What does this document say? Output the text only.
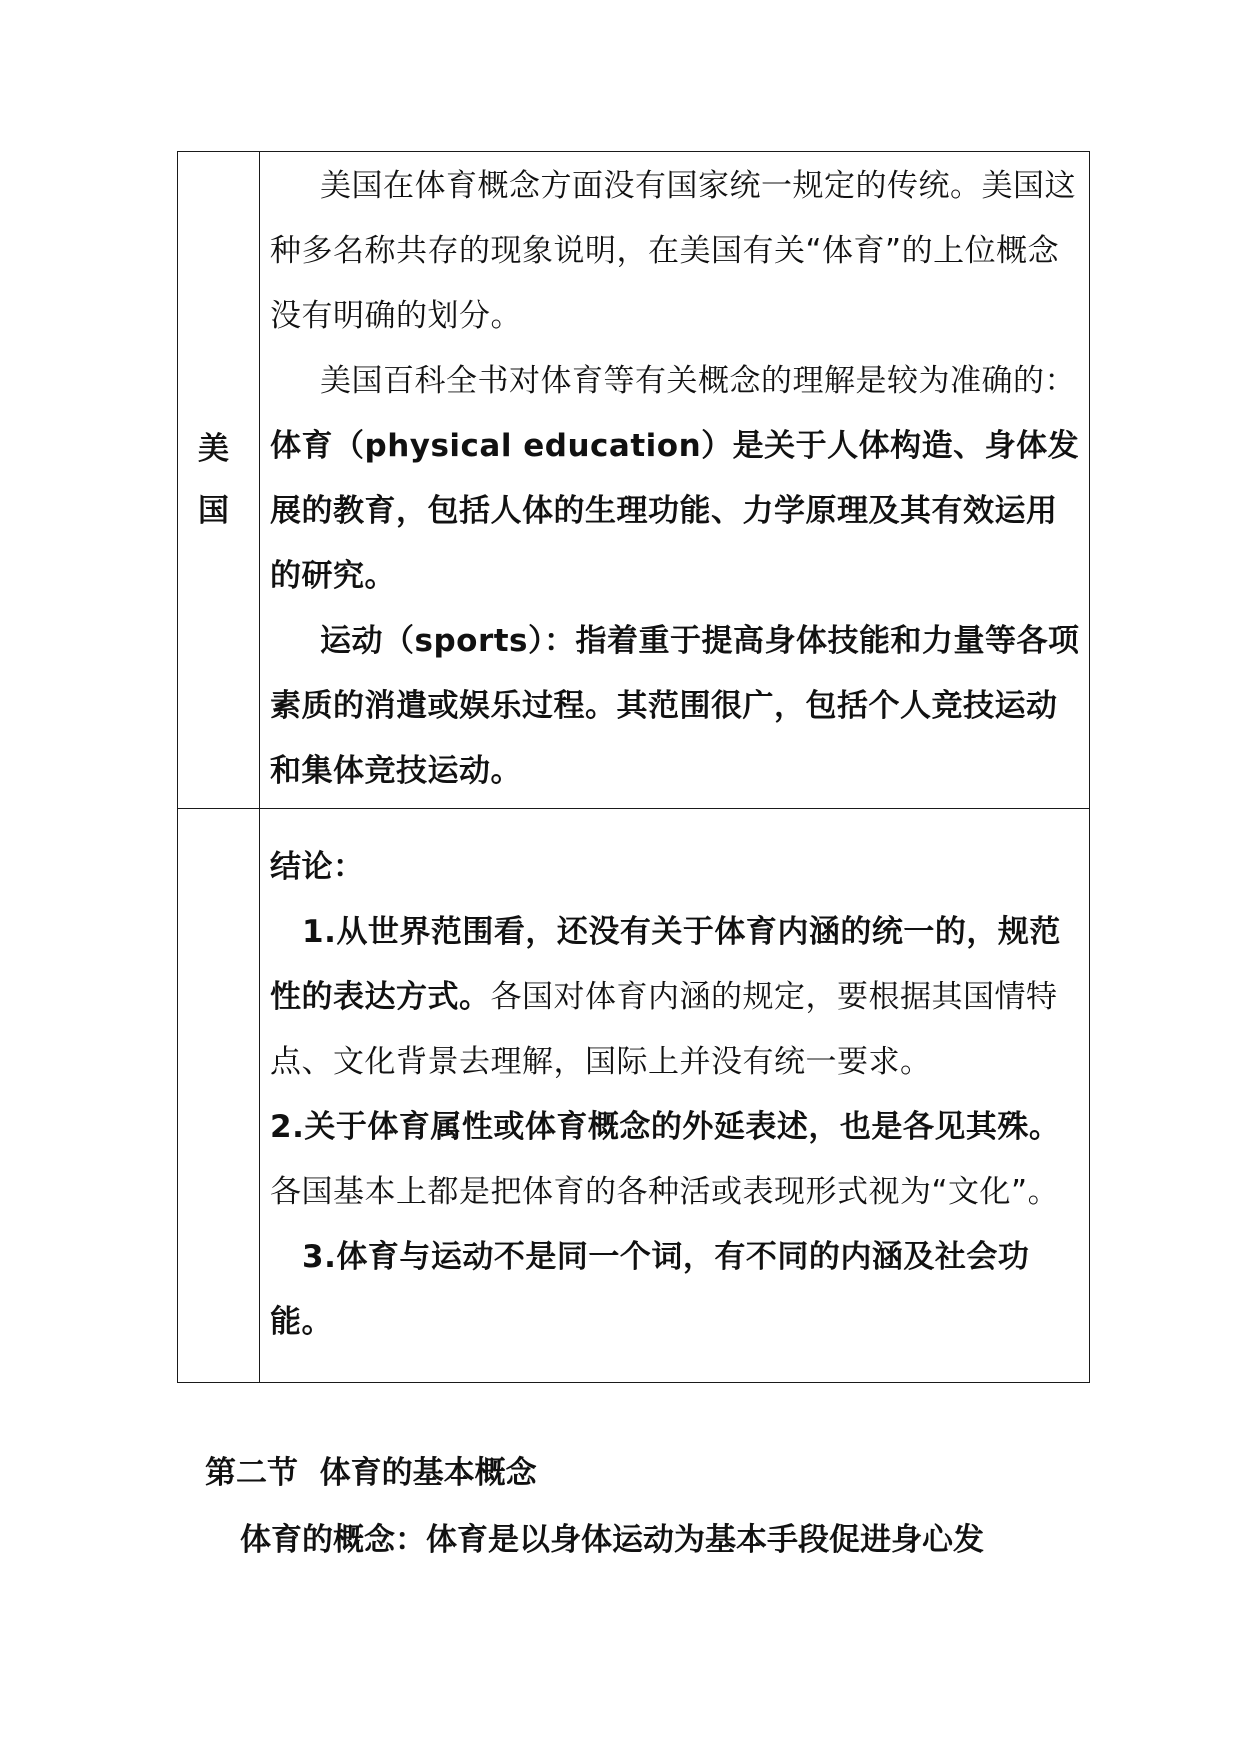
美国	美国在体育概念方面没有国家统一规定的传统。美国这种多名称共存的现象说明，在美国有关“体育”的上位概念没有明确的划分。

美国百科全书对体育等有关概念的理解是较为准确的：体育（physical education）是关于人体构造、身体发展的教育，包括人体的生理功能、力学原理及其有效运用的研究。

运动（sports）：指着重于提高身体技能和力量等各项素质的消遣或娱乐过程。其范围很广，包括个人竞技运动和集体竞技运动。

	结论：

1.从世界范围看，还没有关于体育内涵的统一的，规范性的表达方式。各国对体育内涵的规定，要根据其国情特点、文化背景去理解，国际上并没有统一要求。

2.关于体育属性或体育概念的外延表述，也是各见其殊。各国基本上都是把体育的各种活或表现形式视为“文化”。

3.体育与运动不是同一个词，有不同的内涵及社会功能。

第二节  体育的基本概念

体育的概念：体育是以身体运动为基本手段促进身心发
